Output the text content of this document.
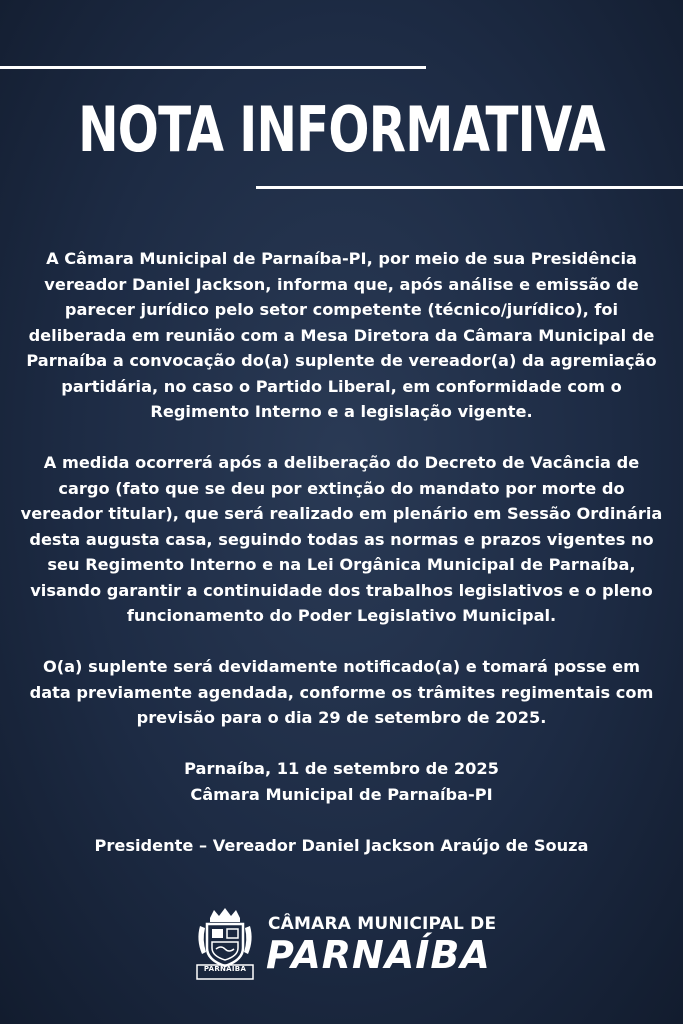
NOTA INFORMATIVA

A Câmara Municipal de Parnaíba-PI, por meio de sua Presidência vereador Daniel Jackson, informa que, após análise e emissão de parecer jurídico pelo setor competente (técnico/jurídico), foi deliberada em reunião com a Mesa Diretora da Câmara Municipal de Parnaíba a convocação do(a) suplente de vereador(a) da agremiação partidária, no caso o Partido Liberal, em conformidade com o Regimento Interno e a legislação vigente.

A medida ocorrerá após a deliberação do Decreto de Vacância de cargo (fato que se deu por extinção do mandato por morte do vereador titular), que será realizado em plenário em Sessão Ordinária desta augusta casa, seguindo todas as normas e prazos vigentes no seu Regimento Interno e na Lei Orgânica Municipal de Parnaíba, visando garantir a continuidade dos trabalhos legislativos e o pleno funcionamento do Poder Legislativo Municipal.

O(a) suplente será devidamente notificado(a) e tomará posse em data previamente agendada, conforme os trâmites regimentais com previsão para o dia 29 de setembro de 2025.

Parnaíba, 11 de setembro de 2025

Câmara Municipal de Parnaíba-PI

Presidente – Vereador Daniel Jackson Araújo de Souza

PARNAÍBA
CÂMARA MUNICIPAL DE
PARNAÍBA
